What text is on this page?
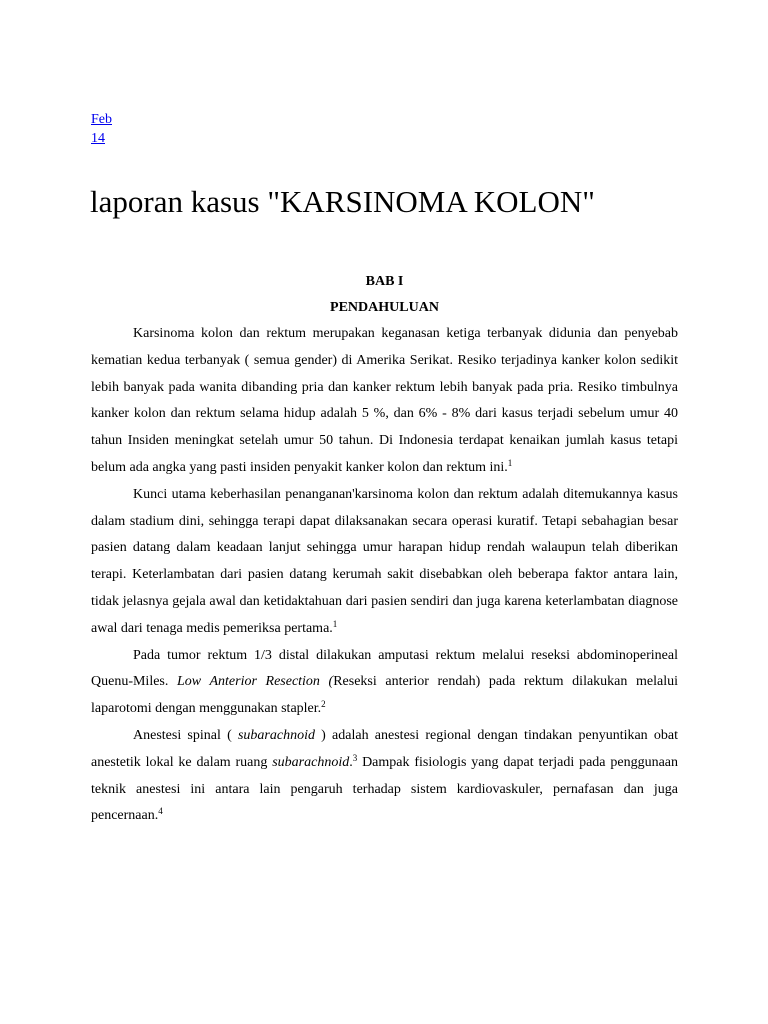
Feb
14
laporan kasus "KARSINOMA KOLON"

BAB I

PENDAHULUAN

Karsinoma kolon dan rektum merupakan keganasan ketiga terbanyak didunia dan penyebab kematian kedua terbanyak ( semua gender) di Amerika Serikat. Resiko terjadinya kanker kolon sedikit lebih banyak pada wanita dibanding pria dan kanker rektum lebih banyak pada pria. Resiko timbulnya kanker kolon dan rektum selama hidup adalah 5 %, dan 6% - 8% dari kasus terjadi sebelum umur 40 tahun Insiden meningkat setelah umur 50 tahun. Di Indonesia terdapat kenaikan jumlah kasus tetapi belum ada angka yang pasti insiden penyakit kanker kolon dan rektum ini.$^1$

Kunci utama keberhasilan penanganan'karsinoma kolon dan rektum adalah ditemukannya kasus dalam stadium dini, sehingga terapi dapat dilaksanakan secara operasi kuratif. Tetapi sebahagian besar pasien datang dalam keadaan lanjut sehingga umur harapan hidup rendah walaupun telah diberikan terapi. Keterlambatan dari pasien datang kerumah sakit disebabkan oleh beberapa faktor antara lain, tidak jelasnya gejala awal dan ketidaktahuan dari pasien sendiri dan juga karena keterlambatan diagnose awal dari tenaga medis pemeriksa pertama.$^1$

Pada tumor rektum 1/3 distal dilakukan amputasi rektum melalui reseksi abdominoperineal Quenu-Miles. Low Anterior Resection (Reseksi anterior rendah) pada rektum dilakukan melalui laparotomi dengan menggunakan stapler.$^2$

Anestesi spinal ( subarachnoid ) adalah anestesi regional dengan tindakan penyuntikan obat anestetik lokal ke dalam ruang subarachnoid.$^3$ Dampak fisiologis yang dapat terjadi pada penggunaan teknik anestesi ini antara lain pengaruh terhadap sistem kardiovaskuler, pernafasan dan juga pencernaan.$^4$
